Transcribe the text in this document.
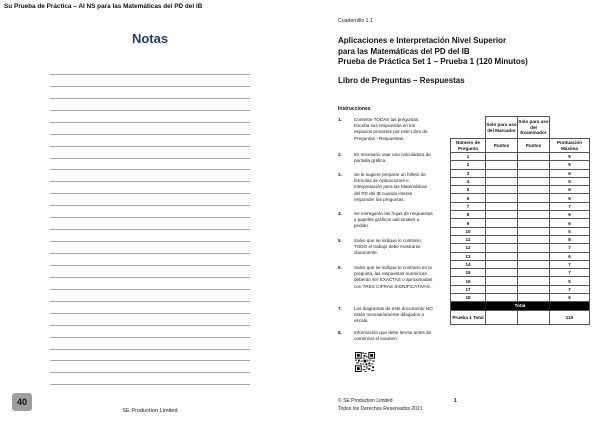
Su Prueba de Práctica – AI NS para las Matemáticas del PD del IB
Notas
40
SE Production Limited
Cuadernillo 1.1
Aplicaciones e Interpretación Nivel Superior
para las Matemáticas del PD del IB
Prueba de Práctica Set 1 – Prueba 1 (120 Minutos)
Libro de Preguntas – Respuestas
Instrucciones
1.	Conteste TODAS las preguntas. Escriba sus respuestas en los espacios provistos por este Libro de Preguntas - Respuestas.
2.	Es necesario usar una calculadora de pantalla gráfica.
3.	Se le sugiere preparar un folleto de fórmulas de Aplicaciones e Interpretación para las Matemáticas del PD del IB cuando intente responder las preguntas.
4.	Se entregarán las hojas de respuestas y papeles gráficos adicionales a pedido.
5.	Salvo que se indique lo contrario, TODO el trabajo debe mostrarse claramente.
6.	Salvo que se indique lo contrario en la pregunta, las respuestas numéricas deberán ser EXACTAS o aproximadas con TRES CIFRAS SIGNIFICATIVAS.
7.	Los diagramas de este documento NO están necesariamente dibujados a escala.
8.	Información que debe leerse antes de comenzar el examen:
© SE Production Limited
Todos los Derechos Reservados 2021
1
	Solo para uso del Marcador	Solo para uso del Examinador	
Número de Pregunta	Puntos	Puntos	Puntuación Máxima
1			5
2			5
3			6
4			5
5			6
6			6
7			7
8			6
9			6
10			5
11			8
12			7
13			6
14			7
15			7
16			5
17			7
18			6
Total			
Prueba 1 Total			110
